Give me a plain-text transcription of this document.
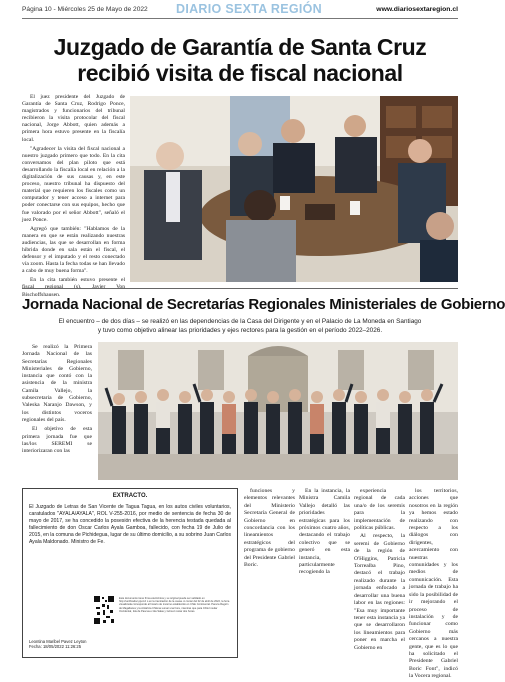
Página 10 - Miércoles 25 de Mayo de 2022 DIARIO SEXTA REGIÓN	www.diariosextaregion.cl
Juzgado de Garantía de Santa Cruz
recibió visita de fiscal nacional

El juez presidente del Juzgado de Garantía de Santa Cruz, Rodrigo Ponce, magistrados y funcionarios del tribunal recibieron la visita protocolar del fiscal nacional, Jorge Abbott, quien además a primera hora estuvo presente en la fiscalía local.

"Agradecer la visita del fiscal nacional a nuestro juzgado primero que todo. En la cita conversamos del plan piloto que está desarrollando la fiscalía local en relación a la digitalización de sus causas y, en este proceso, nuestro tribunal ha dispuesto del material que requieren los fiscales como un computador y tener acceso a internet para poder conectarse con sus equipos, hecho que fue valorado por el señor Abbott", señaló el juez Ponce.

Agregó que también: "Hablamos de la manera en que se están realizando nuestras audiencias, las que se desarrollan en forma híbrida donde en sala están el fiscal, el defensor y el imputado y el resto conectado vía zoom. Hasta la fecha todas se han llevado a cabo de muy buena forma".

En la cita también estuvo presente el fiscal regional (s), Javier Von Bischoffshausen.

Jornada Nacional de Secretarías Regionales Ministeriales de Gobierno
El encuentro – de dos días – se realizó en las dependencias de la Casa del Dirigente y en el Palacio de La Moneda en Santiago
y tuvo como objetivo alinear las prioridades y ejes rectores para la gestión en el período 2022–2026.

Se realizó la Primera Jornada Nacional de las Secretarías Regionales Ministeriales de Gobierno, instancia que contó con la asistencia de la ministra Camila Vallejo, la subsecretaria de Gobierno, Valeska Naranjo Dawson, y los distintos voceros regionales del país.

El objetivo de esta primera jornada fue que las/los SEREMI se interiorizaran con las

EXTRACTO.
El Juzgado de Letras de San Vicente de Tagua Tagua, en los autos civiles voluntarios, caratulados "AYALA/AYALA", ROL V-255-2016, por medio de sentencia de fecha 30 de mayo de 2017, se ha concedido la posesión efectiva de la herencia testada quedada al fallecimiento de don Oscar Carlos Ayala Gamboa, fallecido, con fecha 19 de Julio de 2015, en la comuna de Pichidegua, lugar de su último domicilio, a su sobrino Juan Carlos Ayala Maldonado. Ministro de Fe.
Este documento tiene firma electrónica y su original puede ser validado en http://verificadoc.pjud.cl o en la tramitación de la causa. A contar del 02 de abril de 2022, la hora visualizada corresponde al horario de invierno establecido en Chile Continental. Para la Región de Magallanes y la Antártica Chilena sumar una hora, mientras que para Chile Insular Occidental, Isla de Pascua e Isla Salas y Gómez restar dos horas.
Leontina Maribel Pavez Leyton
Fecha: 18/05/2022 11:26:25

funciones y elementos relevantes del Ministerio Secretaría General de Gobierno en concordancia con los lineamientos estratégicos del programa de gobierno del Presidente Gabriel Boric.

En la instancia, la Ministra Camila Vallejo detalló las prioridades estratégicas para los próximos cuatro años, destacando el trabajo colectivo que se generó en esta instancia, particularmente recogiendo la

experiencia regional de cada una/o de los seremis para la implementación de políticas públicas.

Al respecto, la seremi de Gobierno de la región de O'Higgins, Patricia Torrealba Pino, destacó el trabajo realizado durante la jornada enfocado a desarrollar una buena labor en las regiones: "Esa muy importante tener esta instancia ya que se desarrollaron los lineamientos para poner en marcha el Gobierno en

los territorios, acciones que nosotros en la región ya hemos estado realizando con respecto a los diálogos con dirigentes, acercamiento con nuestras comunidades y los medios de comunicación. Esta jornada de trabajo ha sido la posibilidad de ir mejorando el proceso de instalación y de funcionar como Gobierno más cercanos a nuestra gente, que es lo que ha solicitado el Presidente Gabriel Boric Font", indicó la Vocera regional.
